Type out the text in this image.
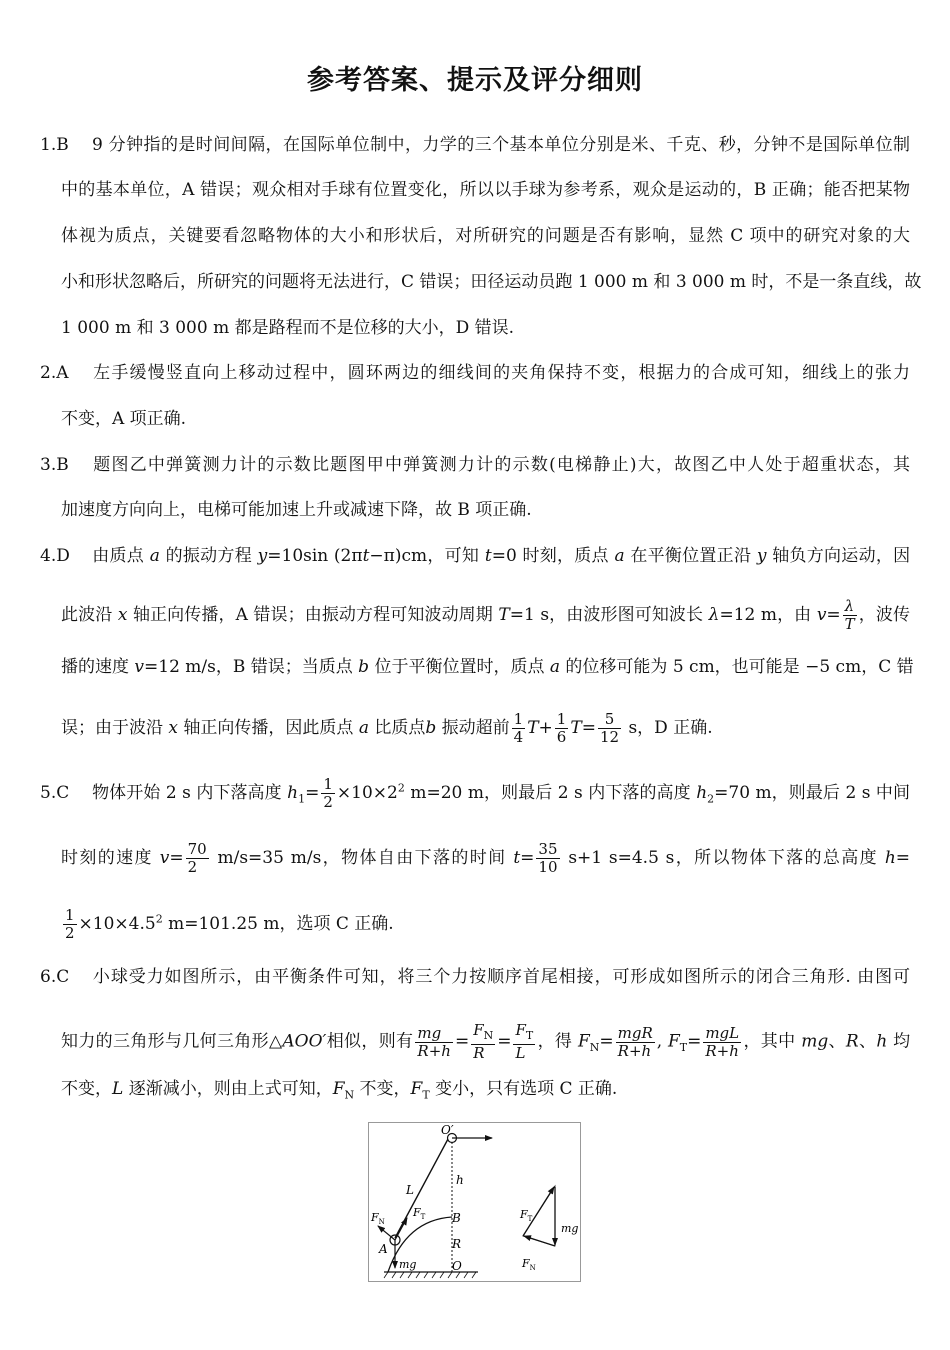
参考答案、提示及评分细则
1.B 9 分钟指的是时间间隔，在国际单位制中，力学的三个基本单位分别是米、千克、秒，分钟不是国际单位制
中的基本单位，A 错误；观众相对手球有位置变化，所以以手球为参考系，观众是运动的，B 正确；能否把某物
体视为质点，关键要看忽略物体的大小和形状后，对所研究的问题是否有影响，显然 C 项中的研究对象的大
小和形状忽略后，所研究的问题将无法进行，C 错误；田径运动员跑 1 000 m 和 3 000 m 时，不是一条直线，故
1 000 m 和 3 000 m 都是路程而不是位移的大小，D 错误.
2.A 左手缓慢竖直向上移动过程中，圆环两边的细线间的夹角保持不变，根据力的合成可知，细线上的张力
不变，A 项正确.
3.B 题图乙中弹簧测力计的示数比题图甲中弹簧测力计的示数(电梯静止)大，故图乙中人处于超重状态，其
加速度方向向上，电梯可能加速上升或减速下降，故 B 项正确.
4.D 由质点 a 的振动方程 y=10sin (2πt−π)cm，可知 t=0 时刻，质点 a 在平衡位置正沿 y 轴负方向运动，因
此波沿 x 轴正向传播，A 错误；由振动方程可知波动周期 T=1 s，由波形图可知波长 λ=12 m，由 $v= \frac{\lambda}{T}$ ，波传
播的速度 v=12 m/s，B 错误；当质点 b 位于平衡位置时，质点 a 的位移可能为 5 cm，也可能是 −5 cm，C 错
误；由于波沿 x 轴正向传播，因此质点 a 比质点b 振动超前 $\frac{1}{4} T+ \frac{1}{6} T= \frac{5}{12}$ s，D 正确.
5.C 物体开始 2 s 内下落高度 $h_1= \frac{1}{2} \times 10\times 2^2$ m=20 m，则最后 2 s 内下落的高度 $h_2=70$ m，则最后 2 s 中间
时刻的速度 $v= \frac{70}{2} m/s=35$ m/s，物体自由下落的时间 $t= \frac{35}{10} s+1$ s=4.5 s，所以物体下落的总高度 h=
$\frac{1}{2} \times 10\times 4.5^2$ m=101.25 m，选项 C 正确.
6.C 小球受力如图所示，由平衡条件可知，将三个力按顺序首尾相接，可形成如图所示的闭合三角形. 由图可
知力的三角形与几何三角形△AOO′相似，则有 $\frac{mg}{R+h} = \frac{F_N}{R} = \frac{F_T}{L}$ ，得 $F_N= \frac{\text{mgR}}{R+h}$ , $F_T= \frac{\text{mgL}}{R+h}$ ，其中 mg、R、h 均
不变，L 逐渐减小，则由上式可知，$F_N$ 不变，$F_T$ 变小，只有选项 C 正确.
O′
h
L
$F_N$
$F_T$ B
R
A
mg	O
$F_T$
mg
$F_N$
